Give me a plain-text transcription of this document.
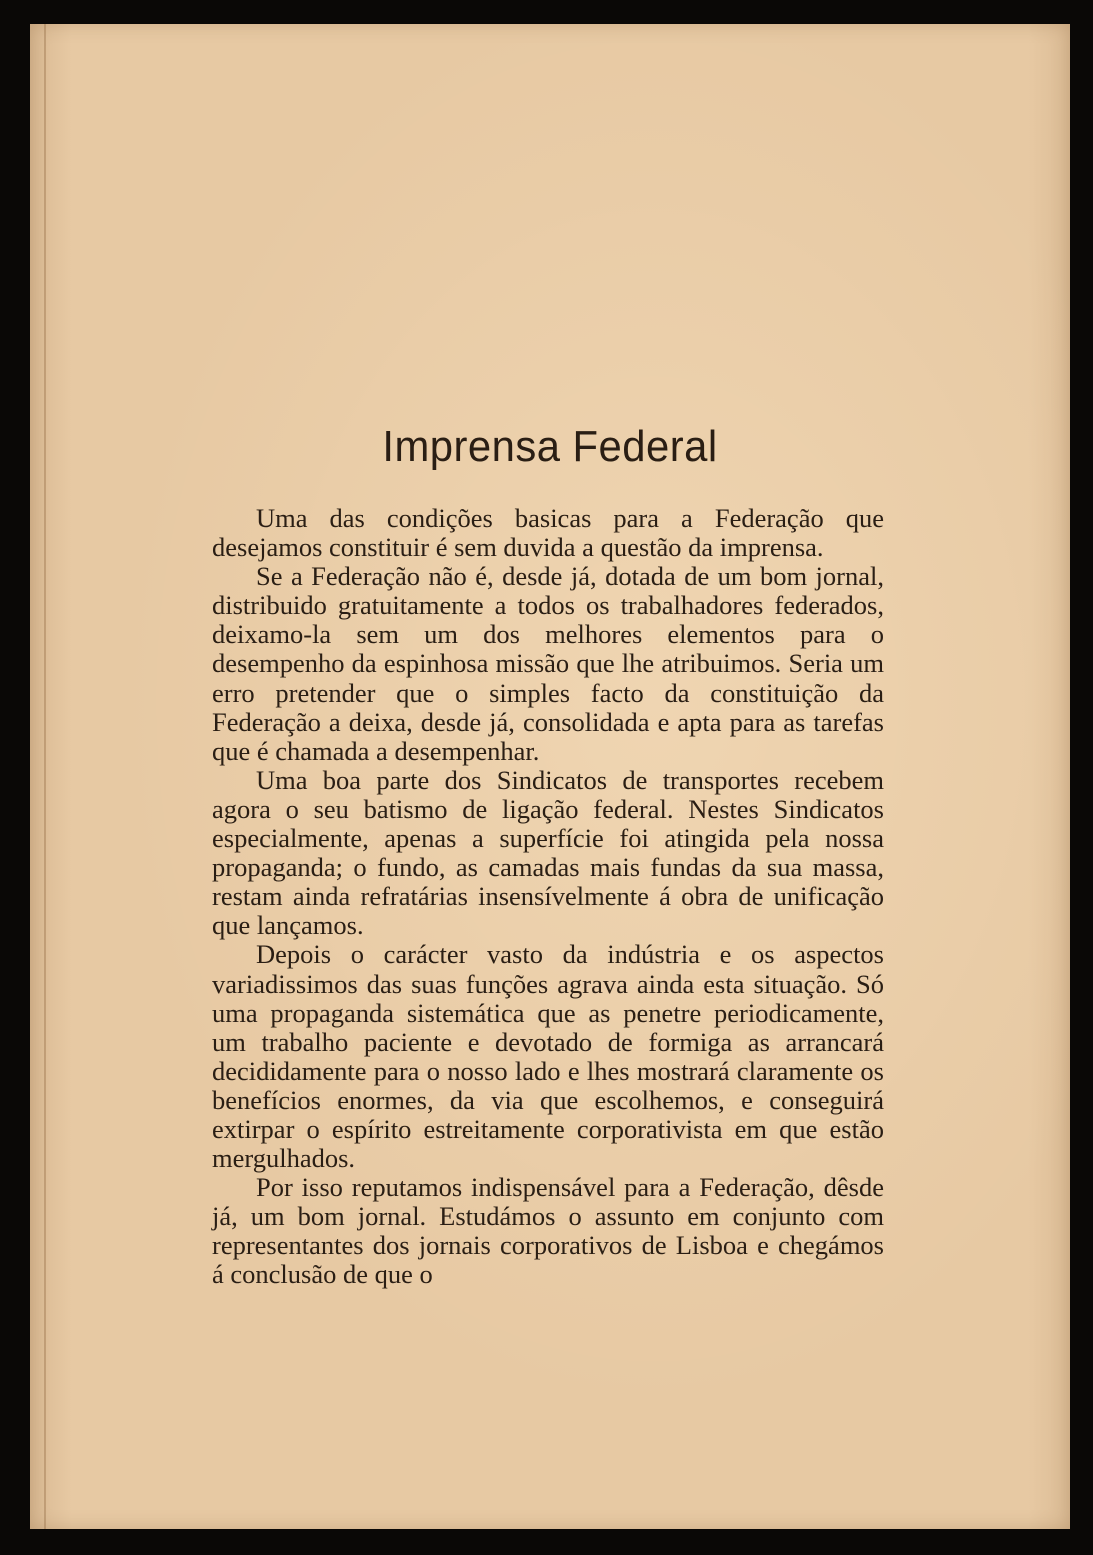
Imprensa Federal

Uma das condições basicas para a Federação que desejamos constituir é sem duvida a questão da imprensa.

Se a Federação não é, desde já, dotada de um bom jornal, distribuido gratuitamente a todos os trabalhadores federados, deixamo-la sem um dos melhores elementos para o desempenho da espinhosa missão que lhe atribuimos. Seria um erro pretender que o simples facto da constituição da Federação a deixa, desde já, consolidada e apta para as tarefas que é chamada a desempenhar.

Uma boa parte dos Sindicatos de transportes recebem agora o seu batismo de ligação federal. Nestes Sindicatos especialmente, apenas a superfície foi atingida pela nossa propaganda; o fundo, as camadas mais fundas da sua massa, restam ainda refratárias insensívelmente á obra de unificação que lançamos.

Depois o carácter vasto da indústria e os aspectos variadissimos das suas funções agrava ainda esta situação. Só uma propaganda sistemática que as penetre periodicamente, um trabalho paciente e devotado de formiga as arrancará decididamente para o nosso lado e lhes mostrará claramente os benefícios enormes, da via que escolhemos, e conseguirá extirpar o espírito estreitamente corporativista em que estão mergulhados.

Por isso reputamos indispensável para a Federação, dêsde já, um bom jornal. Estudámos o assunto em conjunto com representantes dos jornais corporativos de Lisboa e chegámos á conclusão de que o
